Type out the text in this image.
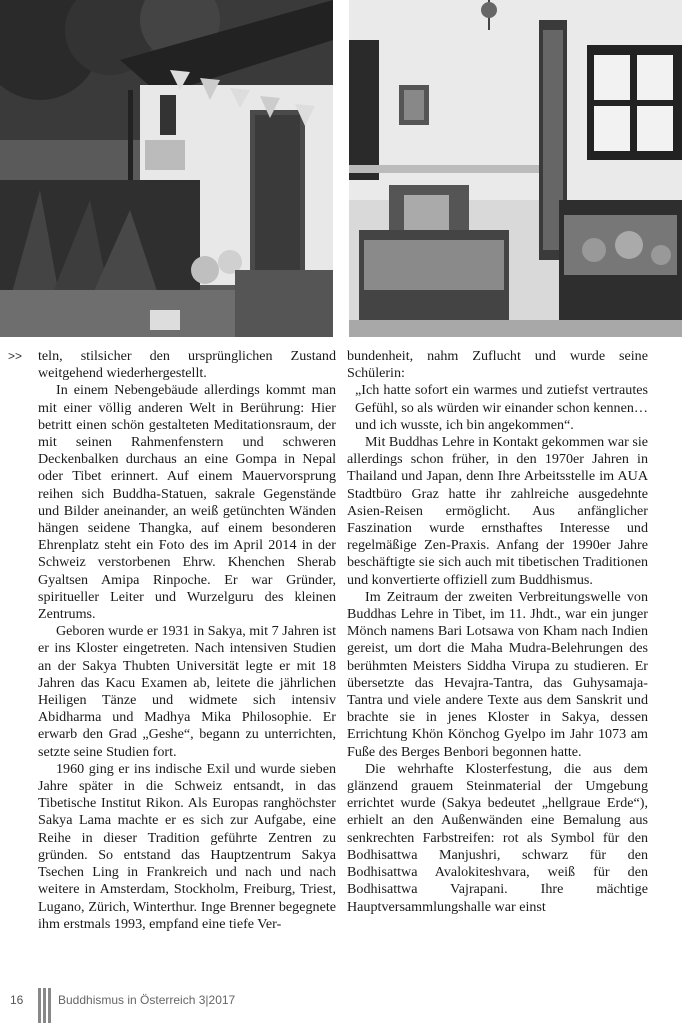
>> teln, stilsicher den ursprünglichen Zustand weitgehend wiederhergestellt.

In einem Nebengebäude allerdings kommt man mit einer völlig anderen Welt in Berührung: Hier betritt einen schön gestalteten Meditationsraum, der mit seinen Rahmenfenstern und schweren Deckenbalken durchaus an eine Gompa in Nepal oder Tibet erinnert. Auf einem Mauervorsprung reihen sich Buddha-Statuen, sakrale Gegenstände und Bilder aneinander, an weiß getünchten Wänden hängen seidene Thangka, auf einem besonderen Ehrenplatz steht ein Foto des im April 2014 in der Schweiz verstorbenen Ehrw. Khenchen Sherab Gyaltsen Amipa Rinpoche. Er war Gründer, spiritueller Leiter und Wurzelguru des kleinen Zentrums.

Geboren wurde er 1931 in Sakya, mit 7 Jahren ist er ins Kloster eingetreten. Nach intensiven Studien an der Sakya Thubten Universität legte er mit 18 Jahren das Kacu Examen ab, leitete die jährlichen Heiligen Tänze und widmete sich intensiv Abidharma und Madhya Mika Philosophie. Er erwarb den Grad „Geshe“, begann zu unterrichten, setzte seine Studien fort.

1960 ging er ins indische Exil und wurde sieben Jahre später in die Schweiz entsandt, in das Tibetische Institut Rikon. Als Europas ranghöchster Sakya Lama machte er es sich zur Aufgabe, eine Reihe in dieser Tradition geführte Zentren zu gründen. So entstand das Hauptzentrum Sakya Tsechen Ling in Frankreich und nach und nach weitere in Amsterdam, Stockholm, Freiburg, Triest, Lugano, Zürich, Winterthur. Inge Brenner begegnete ihm erstmals 1993, empfand eine tiefe Ver-

bundenheit, nahm Zuflucht und wurde seine Schülerin:

„Ich hatte sofort ein warmes und zutiefst vertrautes Gefühl, so als würden wir einander schon kennen…und ich wusste, ich bin angekommen“.

Mit Buddhas Lehre in Kontakt gekommen war sie allerdings schon früher, in den 1970er Jahren in Thailand und Japan, denn Ihre Arbeitsstelle im AUA Stadtbüro Graz hatte ihr zahlreiche ausgedehnte Asien-Reisen ermöglicht. Aus anfänglicher Faszination wurde ernsthaftes Interesse und regelmäßige Zen-Praxis. Anfang der 1990er Jahre beschäftigte sie sich auch mit tibetischen Traditionen und konvertierte offiziell zum Buddhismus.

Im Zeitraum der zweiten Verbreitungswelle von Buddhas Lehre in Tibet, im 11. Jhdt., war ein junger Mönch namens Bari Lotsawa von Kham nach Indien gereist, um dort die Maha Mudra-Belehrungen des berühmten Meisters Siddha Virupa zu studieren. Er übersetzte das Hevajra-Tantra, das Guhysamaja-Tantra und viele andere Texte aus dem Sanskrit und brachte sie in jenes Kloster in Sakya, dessen Errichtung Khön Könchog Gyelpo im Jahr 1073 am Fuße des Berges Benbori begonnen hatte.

Die wehrhafte Klosterfestung, die aus dem glänzend grauem Steinmaterial der Umgebung errichtet wurde (Sakya bedeutet „hellgraue Erde“), erhielt an den Außenwänden eine Bemalung aus senkrechten Farbstreifen: rot als Symbol für den Bodhisattwa Manjushri, schwarz für den Bodhisattwa Avalokiteshvara, weiß für den Bodhisattwa Vajrapani. Ihre mächtige Hauptversammlungshalle war einst

16	Buddhismus in Österreich 3|2017
